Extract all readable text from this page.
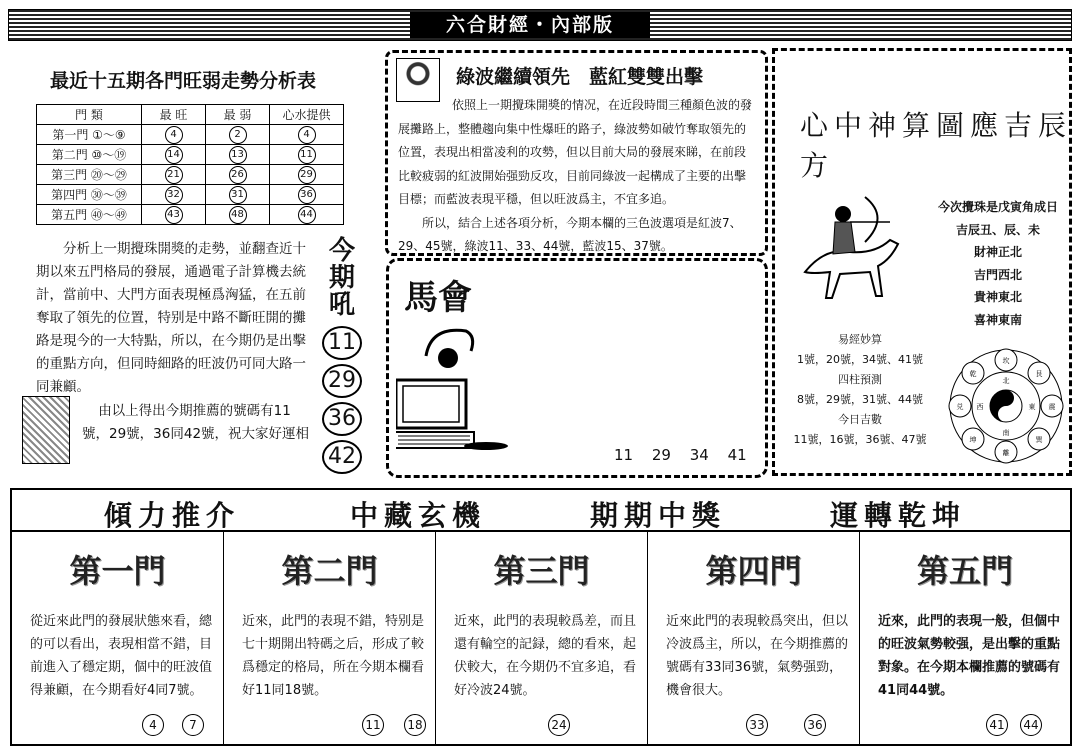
六合財經・內部版
最近十五期各門旺弱走勢分析表
門 類	最 旺	最 弱	心水提供
第一門 ①～⑨	4	2	4
第二門 ⑩～⑲	14	13	11
第三門 ⑳～㉙	21	26	29
第四門 ㉚～㊴	32	31	36
第五門 ㊵～㊾	43	48	44
分析上一期攪珠開獎的走勢，並翻查近十期以來五門格局的發展，通過電子計算機去統計，當前中、大門方面表現極爲洶猛，在五前奪取了領先的位置，特别是中路不斷旺開的攤路是現今的一大特點，所以，在今期仍是出擊的重點方向，但同時細路的旺波仍可同大路一同兼顧。
由以上得出今期推薦的號碼有11號，29號，36同42號，祝大家好運相
今期吼
11
29
36
42
綠波繼續領先　藍紅雙雙出擊

依照上一期攪珠開獎的情况，在近段時間三種顏色波的發展攤路上，整體趨向集中性爆旺的路子，綠波勢如破竹奪取領先的位置，表現出相當凌利的攻勢，但以目前大局的發展來睇，在前段比較疲弱的紅波開始强勁反攻，目前同綠波一起構成了主要的出擊目標；而藍波表現平穩，但以旺波爲主，不宜多追。

所以，結合上述各項分析，今期本欄的三色波選項是紅波7、29、45號，綠波11、33、44號，藍波15、37號。

馬會
11 29 34 41
心中神算圖應吉辰方
今次攪珠是戊寅角成日
吉辰丑、辰、未
財神正北
吉門西北
貴神東北
喜神東南
易經妙算
1號，20號，34號、41號
四柱預測
8號，29號，31號、44號
今日吉數
11號，16號，36號、47號
坎
艮
震
巽
離
坤
兑
乾
北
東
南
西
傾力推介	中藏玄機	期期中獎	運轉乾坤
第一門
從近來此門的發展狀態來看，總的可以看出，表現相當不錯，目前進入了穩定期，個中的旺波值得兼顧，在今期看好4同7號。
第二門
近來，此門的表現不錯，特别是七十期開出特碼之后，形成了較爲穩定的格局，所在今期本欄看好11同18號。
第三門
近來，此門的表現較爲差，而且還有輪空的記録，總的看來，起伏較大，在今期仍不宜多追，看好冷波24號。
第四門
近來此門的表現較爲突出，但以冷波爲主，所以，在今期推薦的號碼有33同36號，氣勢强勁，機會很大。
第五門
近來，此門的表現一般，但個中的旺波氣勢較强，是出擊的重點對象。在今期本欄推薦的號碼有41同44號。
4	7	11 18	24	33	36	41 44
